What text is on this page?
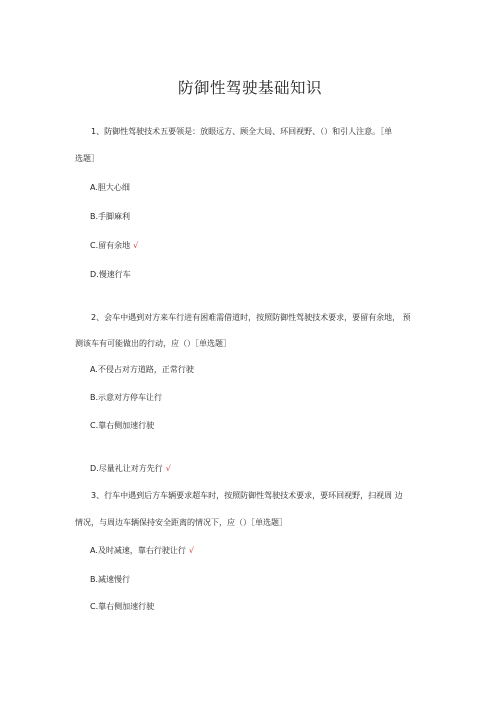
防御性驾驶基础知识
1、防御性驾驶技术五要领是：放眼远方、顾全大局、环回视野、（）和引人注意。［单
选题］
A.胆大心细
B.手脚麻利
C.留有余地 √
D.慢速行车
2、会车中遇到对方来车行进有困难需借道时，按照防御性驾驶技术要求，要留有余地， 预
测该车有可能做出的行动，应（）［单选题］
A.不侵占对方道路，正常行驶
B.示意对方停车让行
C.靠右侧加速行驶
D.尽量礼让对方先行 √
3、行车中遇到后方车辆要求超车时，按照防御性驾驶技术要求，要环回视野，扫视周 边
情况，与周边车辆保持安全距离的情况下，应（）［单选题］
A.及时减速，靠右行驶让行 √
B.减速慢行
C.靠右侧加速行驶
